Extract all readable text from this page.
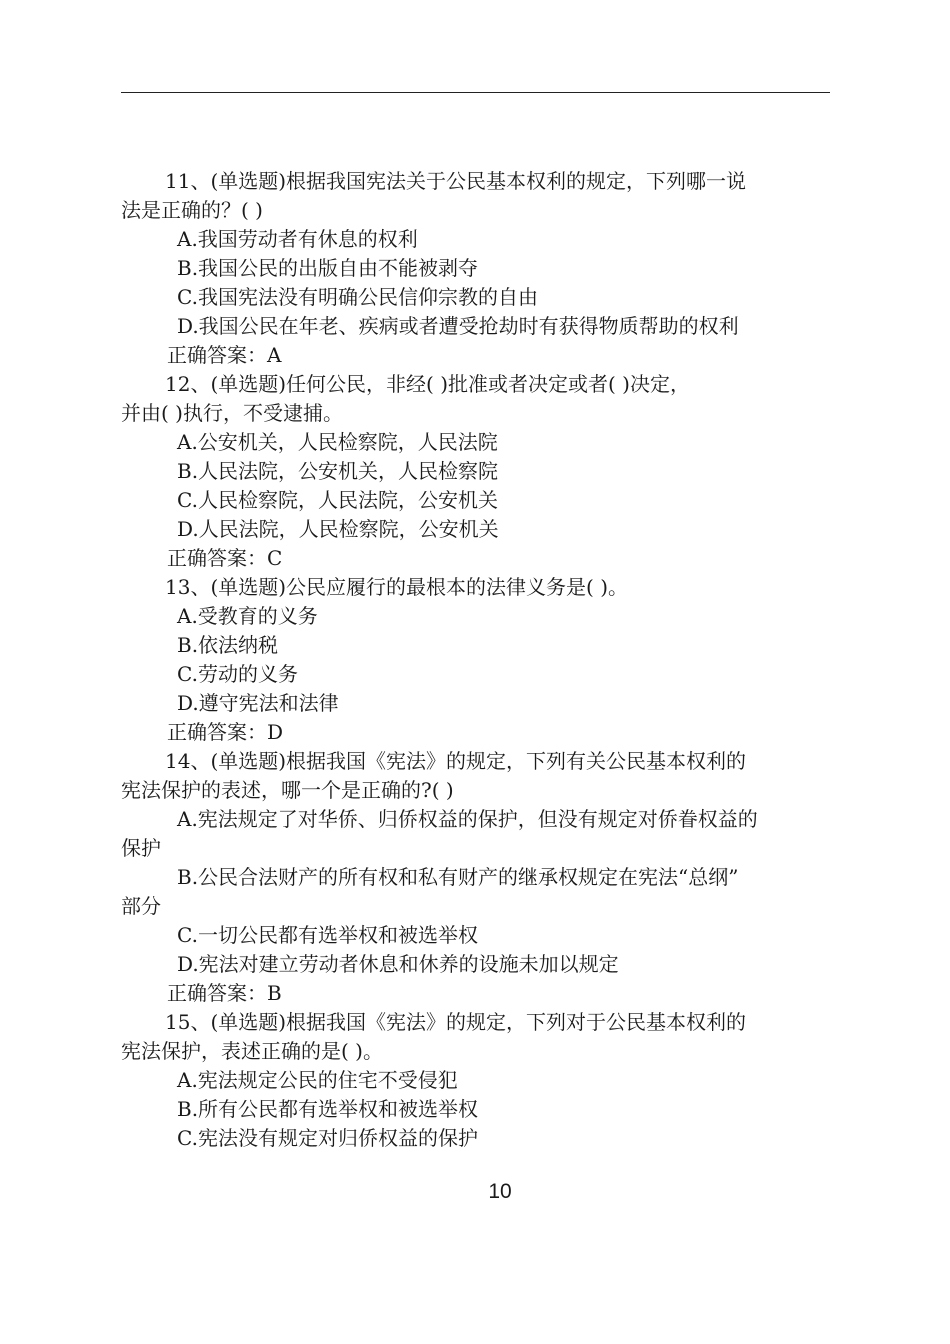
11、(单选题)根据我国宪法关于公民基本权利的规定，下列哪一说
法是正确的？( )
A.我国劳动者有休息的权利
B.我国公民的出版自由不能被剥夺
C.我国宪法没有明确公民信仰宗教的自由
D.我国公民在年老、疾病或者遭受抢劫时有获得物质帮助的权利
正确答案：A
12、(单选题)任何公民，非经( )批准或者决定或者( )决定，
并由( )执行，不受逮捕。
A.公安机关，人民检察院，人民法院
B.人民法院，公安机关，人民检察院
C.人民检察院，人民法院，公安机关
D.人民法院，人民检察院，公安机关
正确答案：C
13、(单选题)公民应履行的最根本的法律义务是( )。
A.受教育的义务
B.依法纳税
C.劳动的义务
D.遵守宪法和法律
正确答案：D
14、(单选题)根据我国《宪法》的规定，下列有关公民基本权利的
宪法保护的表述，哪一个是正确的?( )
A.宪法规定了对华侨、归侨权益的保护，但没有规定对侨眷权益的
保护
B.公民合法财产的所有权和私有财产的继承权规定在宪法“总纲”
部分
C.一切公民都有选举权和被选举权
D.宪法对建立劳动者休息和休养的设施未加以规定
正确答案：B
15、(单选题)根据我国《宪法》的规定，下列对于公民基本权利的
宪法保护，表述正确的是( )。
A.宪法规定公民的住宅不受侵犯
B.所有公民都有选举权和被选举权
C.宪法没有规定对归侨权益的保护
10
